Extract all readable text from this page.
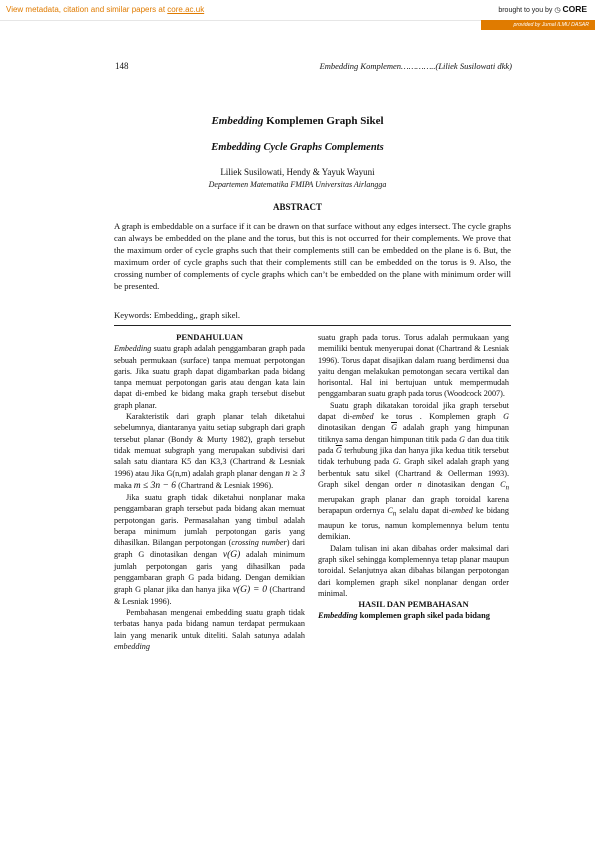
View metadata, citation and similar papers at core.ac.uk	brought to you by ◷ CORE
provided by Jurnal ILMU DASAR
148	Embedding Komplemen…………..(Liliek Susilowati dkk)
Embedding Komplemen Graph Sikel
Embedding Cycle Graphs Complements
Liliek Susilowati, Hendy & Yayuk Wayuni
Departemen Matematika FMIPA Universitas Airlangga
ABSTRACT

A graph is embeddable on a surface if it can be drawn on that surface without any edges intersect. The cycle graphs can always be embedded on the plane and the torus, but this is not occurred for their complements. We prove that the maximum order of cycle graphs such that their complements still can be embedded on the plane is 6. But, the maximum order of cycle graphs such that their complements still can be embedded on the torus is 9. Also, the crossing number of complements of cycle graphs which can’t be embedded on the plane with minimum order will be presented.

Keywords: Embedding,, graph sikel.

PENDAHULUAN

Embedding suatu graph adalah penggambaran graph pada sebuah permukaan (surface) tanpa memuat perpotongan garis. Jika suatu graph dapat digambarkan pada bidang tanpa memuat perpotongan garis atau dengan kata lain dapat di-embed ke bidang maka graph tersebut disebut graph planar.

Karakteristik dari graph planar telah diketahui sebelumnya, diantaranya yaitu setiap subgraph dari graph tersebut planar (Bondy & Murty 1982), graph tersebut tidak memuat subgraph yang merupakan subdivisi dari salah satu diantara K5 dan K3,3 (Chartrand & Lesniak 1996) atau Jika G(n,m) adalah graph planar dengan n ≥ 3 maka m ≤ 3n − 6 (Chartrand & Lesniak 1996).

Jika suatu graph tidak diketahui nonplanar maka penggambaran graph tersebut pada bidang akan memuat perpotongan garis. Permasalahan yang timbul adalah berapa minimum jumlah perpotongan garis yang dihasilkan. Bilangan perpotongan (crossing number) dari graph G dinotasikan dengan ν(G) adalah minimum jumlah perpotongan garis yang dihasilkan pada penggambaran graph G pada bidang. Dengan demikian graph G planar jika dan hanya jika ν(G) = 0 (Chartrand & Lesniak 1996).

Pembahasan mengenai embedding suatu graph tidak terbatas hanya pada bidang namun terdapat permukaan lain yang menarik untuk diteliti. Salah satunya adalah embedding

suatu graph pada torus. Torus adalah permukaan yang memiliki bentuk menyerupai donat (Chartrand & Lesniak 1996). Torus dapat disajikan dalam ruang berdimensi dua yaitu dengan melakukan pemotongan secara vertikal dan horisontal. Hal ini bertujuan untuk mempermudah penggambaran suatu graph pada torus (Woodcock 2007).

Suatu graph dikatakan toroidal jika graph tersebut dapat di-embed ke torus . Komplemen graph G dinotasikan dengan $\overline{G}$ adalah graph yang himpunan titiknya sama dengan himpunan titik pada G dan dua titik pada $\overline{G}$ terhubung jika dan hanya jika kedua titik tersebut tidak terhubung pada G. Graph sikel adalah graph yang berbentuk satu sikel (Chartrand & Oellerman 1993). Graph sikel dengan order n dinotasikan dengan $C_n$ merupakan graph planar dan graph toroidal karena berapapun ordernya $C_n$ selalu dapat di-embed ke bidang maupun ke torus, namun komplemennya belum tentu demikian.

Dalam tulisan ini akan dibahas order maksimal dari graph sikel sehingga komplemennya tetap planar maupun toroidal. Selanjutnya akan dibahas bilangan perpotongan dari komplemen graph sikel nonplanar dengan order minimal.

HASIL DAN PEMBAHASAN

Embedding komplemen graph sikel pada bidang
